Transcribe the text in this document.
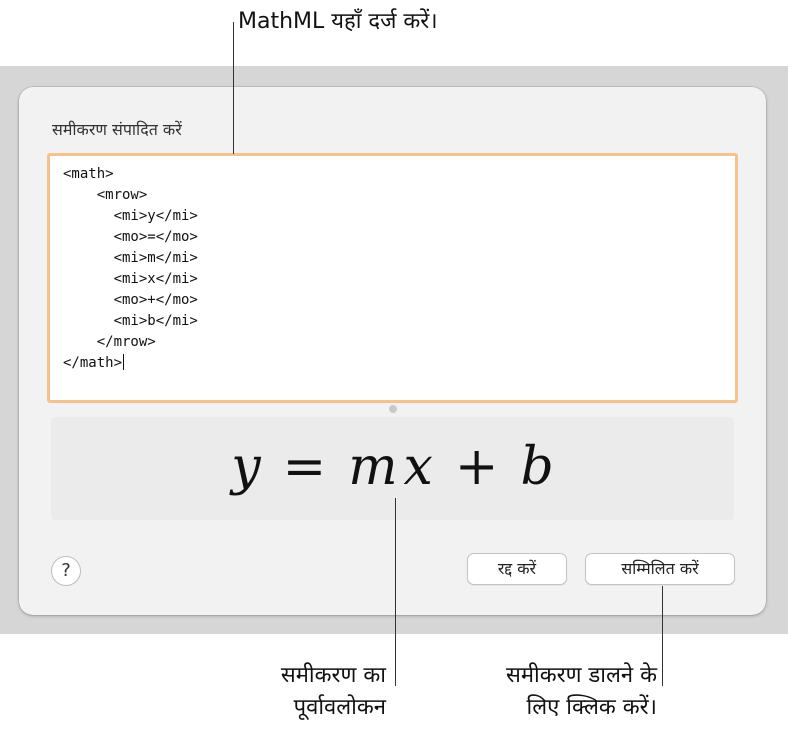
समीकरण संपादित करें
<math>
<mrow>
<mi>y</mi>
<mo>=</mo>
<mi>m</mi>
<mi>x</mi>
<mo>+</mo>
<mi>b</mi>
</mrow>
</math>
y = m x + b
?	रद्द करें	सम्मिलित करें
MathML यहाँ दर्ज करें।
समीकरण का
पूर्वावलोकन
समीकरण डालने के
लिए क्लिक करें।
